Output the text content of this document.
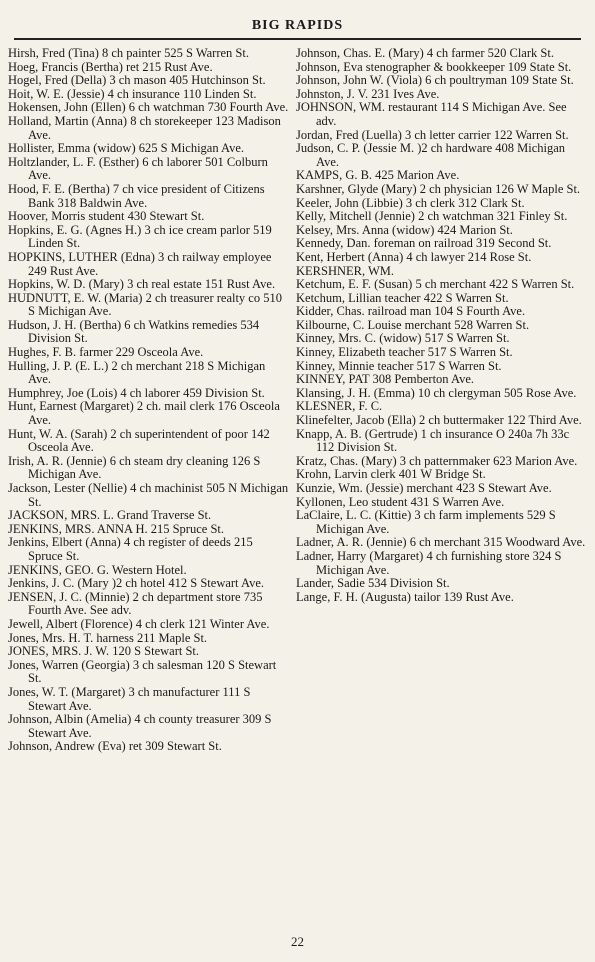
BIG RAPIDS
Hirsh, Fred (Tina) 8 ch painter 525 S Warren St.
Hoeg, Francis (Bertha) ret 215 Rust Ave.
Hogel, Fred (Della) 3 ch mason 405 Hutchinson St.
Hoit, W. E. (Jessie) 4 ch insurance 110 Linden St.
Hokensen, John (Ellen) 6 ch watchman 730 Fourth Ave.
Holland, Martin (Anna) 8 ch storekeeper 123 Madison Ave.
Hollister, Emma (widow) 625 S Michigan Ave.
Holtzlander, L. F. (Esther) 6 ch laborer 501 Colburn Ave.
Hood, F. E. (Bertha) 7 ch vice president of Citizens Bank 318 Baldwin Ave.
Hoover, Morris student 430 Stewart St.
Hopkins, E. G. (Agnes H.) 3 ch ice cream parlor 519 Linden St.
HOPKINS, LUTHER (Edna) 3 ch railway employee 249 Rust Ave.
Hopkins, W. D. (Mary) 3 ch real estate 151 Rust Ave.
HUDNUTT, E. W. (Maria) 2 ch treasurer realty co 510 S Michigan Ave.
Hudson, J. H. (Bertha) 6 ch Watkins remedies 534 Division St.
Hughes, F. B. farmer 229 Osceola Ave.
Hulling, J. P. (E. L.) 2 ch merchant 218 S Michigan Ave.
Humphrey, Joe (Lois) 4 ch laborer 459 Division St.
Hunt, Earnest (Margaret) 2 ch. mail clerk 176 Osceola Ave.
Hunt, W. A. (Sarah) 2 ch superintendent of poor 142 Osceola Ave.
Irish, A. R. (Jennie) 6 ch steam dry cleaning 126 S Michigan Ave.
Jackson, Lester (Nellie) 4 ch machinist 505 N Michigan St.
JACKSON, MRS. L. Grand Traverse St.
JENKINS, MRS. ANNA H. 215 Spruce St.
Jenkins, Elbert (Anna) 4 ch register of deeds 215 Spruce St.
JENKINS, GEO. G. Western Hotel.
Jenkins, J. C. (Mary )2 ch hotel 412 S Stewart Ave.
JENSEN, J. C. (Minnie) 2 ch department store 735 Fourth Ave. See adv.
Jewell, Albert (Florence) 4 ch clerk 121 Winter Ave.
Jones, Mrs. H. T. harness 211 Maple St.
JONES, MRS. J. W. 120 S Stewart St.
Jones, Warren (Georgia) 3 ch salesman 120 S Stewart St.
Jones, W. T. (Margaret) 3 ch manufacturer 111 S Stewart Ave.
Johnson, Albin (Amelia) 4 ch county treasurer 309 S Stewart Ave.
Johnson, Andrew (Eva) ret 309 Stewart St.
Johnson, Chas. E. (Mary) 4 ch farmer 520 Clark St.
Johnson, Eva stenographer & bookkeeper 109 State St.
Johnson, John W. (Viola) 6 ch poultryman 109 State St.
Johnston, J. V. 231 Ives Ave.
JOHNSON, WM. restaurant 114 S Michigan Ave. See adv.
Jordan, Fred (Luella) 3 ch letter carrier 122 Warren St.
Judson, C. P. (Jessie M. )2 ch hardware 408 Michigan Ave.
KAMPS, G. B. 425 Marion Ave.
Karshner, Glyde (Mary) 2 ch physician 126 W Maple St.
Keeler, John (Libbie) 3 ch clerk 312 Clark St.
Kelly, Mitchell (Jennie) 2 ch watchman 321 Finley St.
Kelsey, Mrs. Anna (widow) 424 Marion St.
Kennedy, Dan. foreman on railroad 319 Second St.
Kent, Herbert (Anna) 4 ch lawyer 214 Rose St.
KERSHNER, WM.
Ketchum, E. F. (Susan) 5 ch merchant 422 S Warren St.
Ketchum, Lillian teacher 422 S Warren St.
Kidder, Chas. railroad man 104 S Fourth Ave.
Kilbourne, C. Louise merchant 528 Warren St.
Kinney, Mrs. C. (widow) 517 S Warren St.
Kinney, Elizabeth teacher 517 S Warren St.
Kinney, Minnie teacher 517 S Warren St.
KINNEY, PAT 308 Pemberton Ave.
Klansing, J. H. (Emma) 10 ch clergyman 505 Rose Ave.
KLESNER, F. C.
Klinefelter, Jacob (Ella) 2 ch buttermaker 122 Third Ave.
Knapp, A. B. (Gertrude) 1 ch insurance O 240a 7h 33c 112 Division St.
Kratz, Chas. (Mary) 3 ch patternmaker 623 Marion Ave.
Krohn, Larvin clerk 401 W Bridge St.
Kunzie, Wm. (Jessie) merchant 423 S Stewart Ave.
Kyllonen, Leo student 431 S Warren Ave.
LaClaire, L. C. (Kittie) 3 ch farm implements 529 S Michigan Ave.
Ladner, A. R. (Jennie) 6 ch merchant 315 Woodward Ave.
Ladner, Harry (Margaret) 4 ch furnishing store 324 S Michigan Ave.
Lander, Sadie 534 Division St.
Lange, F. H. (Augusta) tailor 139 Rust Ave.
22
